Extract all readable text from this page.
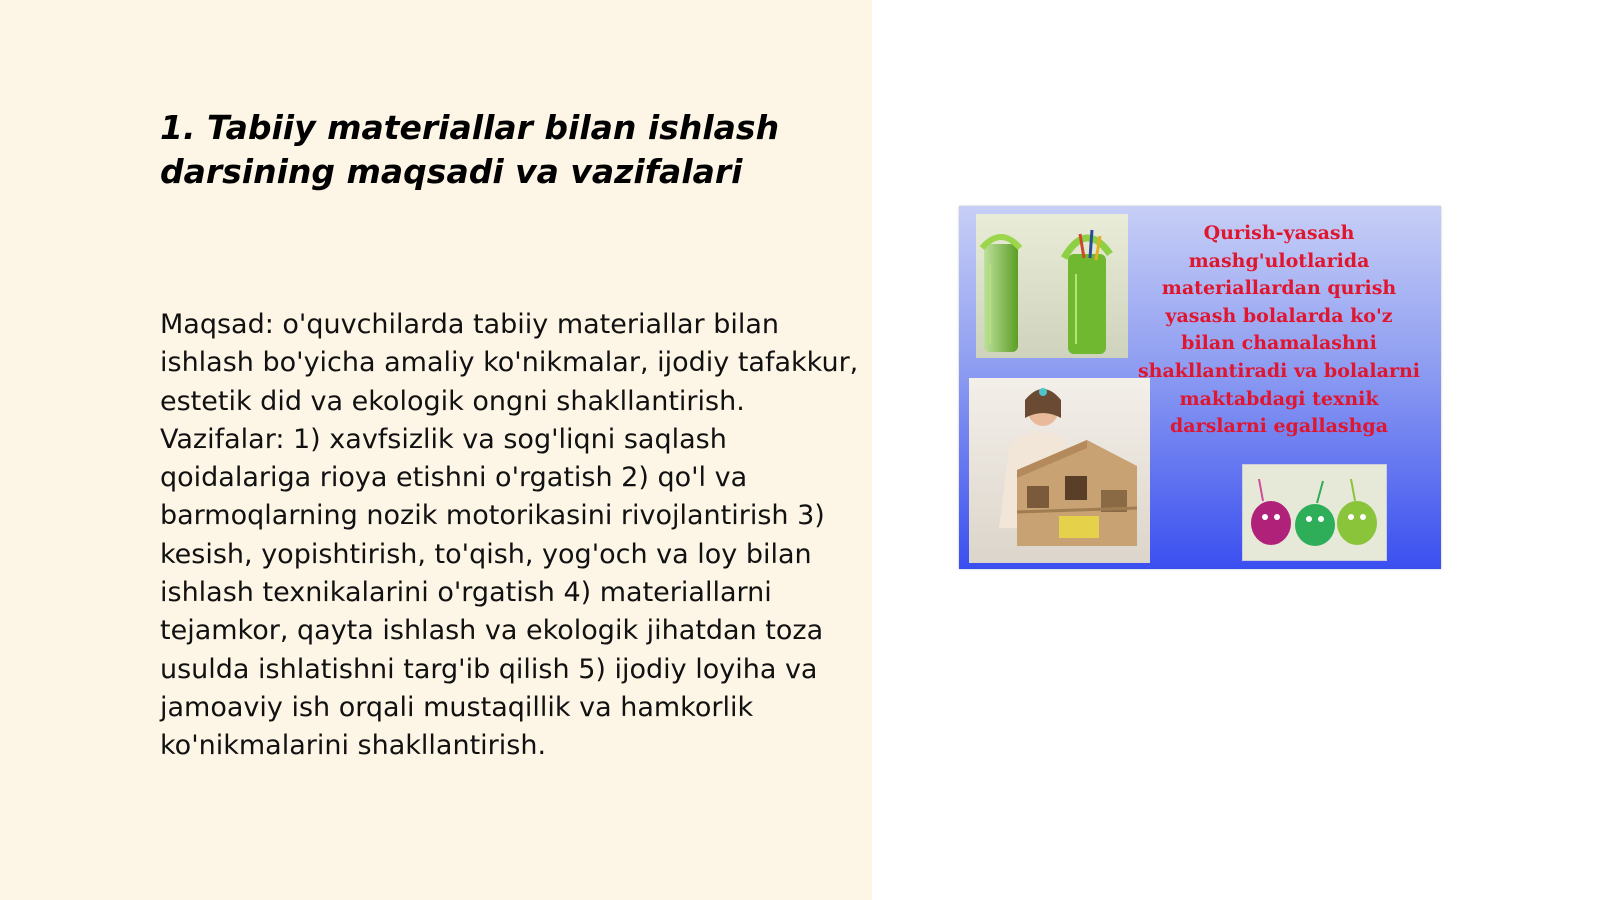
1. Tabiiy materiallar bilan ishlash darsining maqsadi va vazifalari

Maqsad: o'quvchilarda tabiiy materiallar bilan ishlash bo'yicha amaliy ko'nikmalar, ijodiy tafakkur, estetik did va ekologik ongni shakllantirish. Vazifalar: 1) xavfsizlik va sog'liqni saqlash qoidalariga rioya etishni o'rgatish 2) qo'l va barmoqlarning nozik motorikasini rivojlantirish 3) kesish, yopishtirish, to'qish, yog'och va loy bilan ishlash texnikalarini o'rgatish 4) materiallarni tejamkor, qayta ishlash va ekologik jihatdan toza usulda ishlatishni targ'ib qilish 5) ijodiy loyiha va jamoaviy ish orqali mustaqillik va hamkorlik ko'nikmalarini shakllantirish.

Qurish-yasash mashg'ulotlarida materiallardan qurish yasash bolalarda ko'z bilan chamalashni shakllantiradi va bolalarni maktabdagi texnik darslarni egallashga
